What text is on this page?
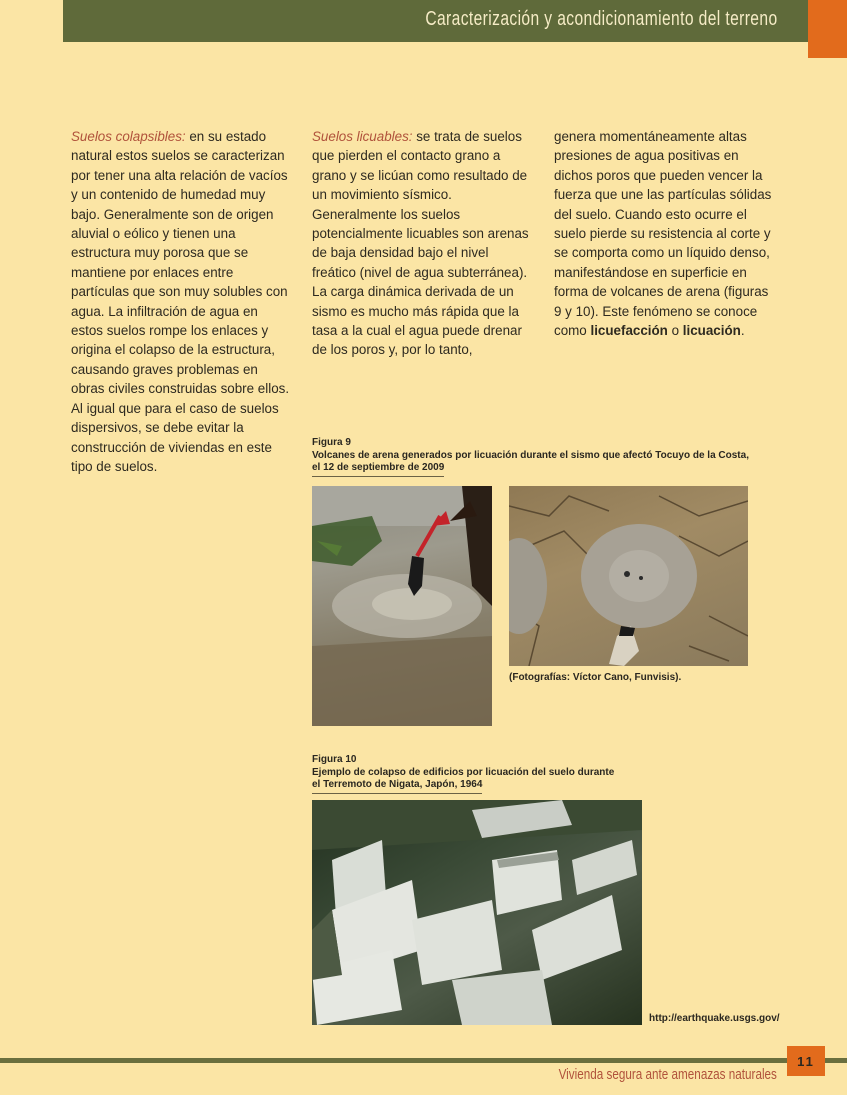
Caracterización y acondicionamiento del terreno

Suelos colapsibles: en su estado natural estos suelos se caracterizan por tener una alta relación de vacíos y un contenido de humedad muy bajo. Generalmente son de origen aluvial o eólico y tienen una estructura muy porosa que se mantiene por enlaces entre partículas que son muy solubles con agua. La infiltración de agua en estos suelos rompe los enlaces y origina el colapso de la estructura, causando graves problemas en obras civiles construidas sobre ellos. Al igual que para el caso de suelos dispersivos, se debe evitar la construcción de viviendas en este tipo de suelos.

Suelos licuables: se trata de suelos que pierden el contacto grano a grano y se licúan como resultado de un movimiento sísmico. Generalmente los suelos potencialmente licuables son arenas de baja densidad bajo el nivel freático (nivel de agua subterránea). La carga dinámica derivada de un sismo es mucho más rápida que la tasa a la cual el agua puede drenar de los poros y, por lo tanto,

genera momentáneamente altas presiones de agua positivas en dichos poros que pueden vencer la fuerza que une las partículas sólidas del suelo. Cuando esto ocurre el suelo pierde su resistencia al corte y se comporta como un líquido denso, manifestándose en superficie en forma de volcanes de arena (figuras 9 y 10). Este fenómeno se conoce como licuefacción o licuación.

Figura 9
Volcanes de arena generados por licuación durante el sismo que afectó Tocuyo de la Costa,
el 12 de septiembre de 2009
(Fotografías: Víctor Cano, Funvisis).
Figura 10
Ejemplo de colapso de edificios por licuación del suelo durante
el Terremoto de Nigata, Japón, 1964
http://earthquake.usgs.gov/
Vivienda segura ante amenazas naturales
11
